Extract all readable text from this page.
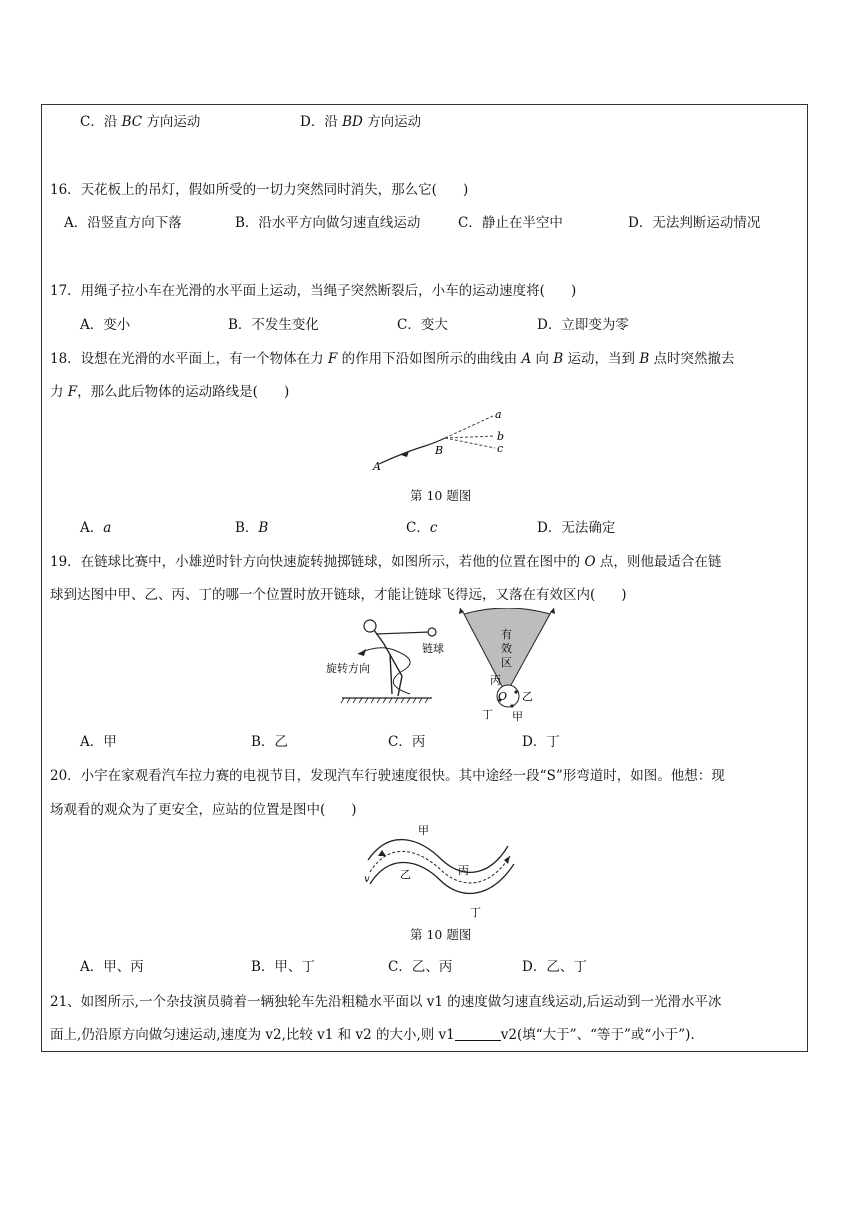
C．沿 BC 方向运动	D．沿 BD 方向运动
16．天花板上的吊灯，假如所受的一切力突然同时消失，那么它( )
A．沿竖直方向下落	B．沿水平方向做匀速直线运动	C．静止在半空中	D．无法判断运动情况
17．用绳子拉小车在光滑的水平面上运动，当绳子突然断裂后，小车的运动速度将( )
A．变小	B．不发生变化	C．变大	D．立即变为零
18．设想在光滑的水平面上，有一个物体在力 F 的作用下沿如图所示的曲线由 A 向 B 运动，当到 B 点时突然撤去
力 F，那么此后物体的运动路线是( )
a
b
c
A
B
第 10 题图
A．a	B．B	C．c	D．无法确定
19．在链球比赛中，小雄逆时针方向快速旋转抛掷链球，如图所示，若他的位置在图中的 O 点，则他最适合在链
球到达图中甲、乙、丙、丁的哪一个位置时放开链球，才能让链球飞得远，又落在有效区内( )
链球
旋转方向
有
效
区
丙
O 乙
丁 甲
A．甲	B．乙	C．丙	D．丁
20．小宇在家观看汽车拉力赛的电视节目，发现汽车行驶速度很快。其中途经一段“S”形弯道时，如图。他想：现
场观看的观众为了更安全，应站的位置是图中( )
甲
乙	丙
丁
v
第 10 题图
A．甲、丙	B．甲、丁	C．乙、丙	D．乙、丁
21、如图所示,一个杂技演员骑着一辆独轮车先沿粗糙水平面以 v1 的速度做匀速直线运动,后运动到一光滑水平冰
面上,仍沿原方向做匀速运动,速度为 v2,比较 v1 和 v2 的大小,则 v1	v2(填“大于”、“等于”或“小于”).
